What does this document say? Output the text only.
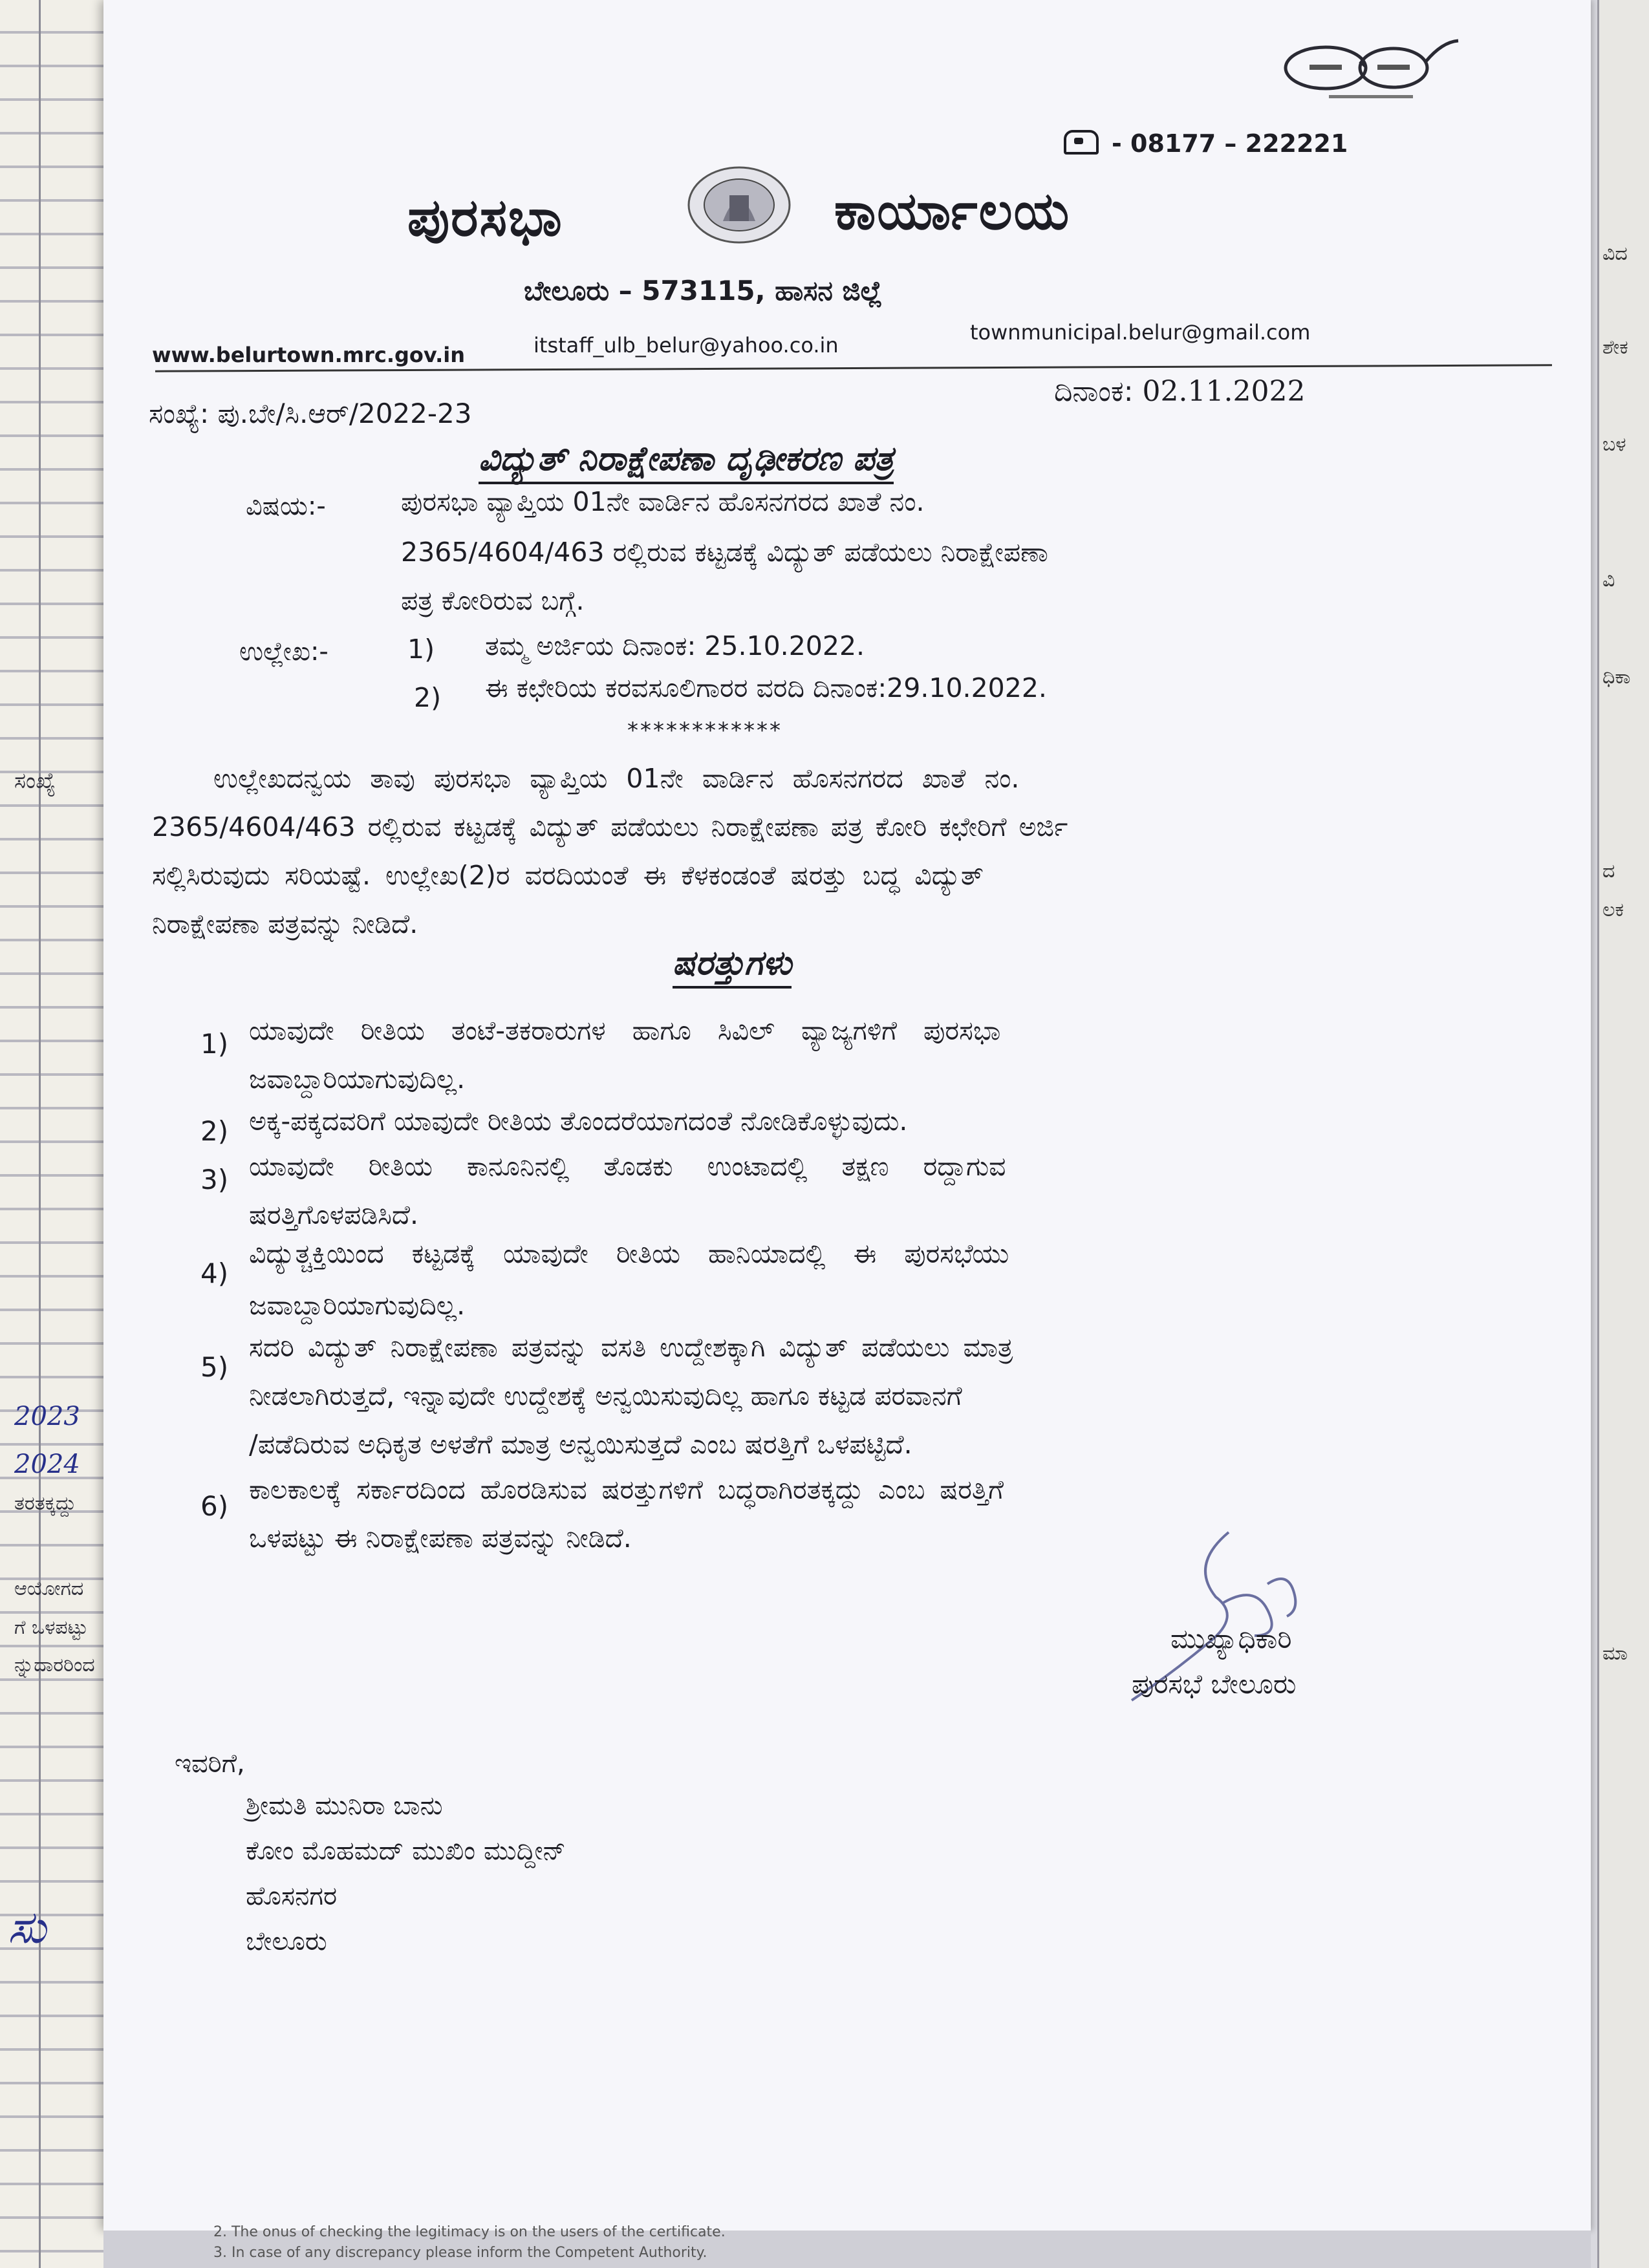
ಸಂಖ್ಯೆ
2023
2024
ತರತಕ್ಕದ್ದು
ಆಯೋಗದ
ಗೆ ಒಳಪಟ್ಟು
ನ್ನುದಾರರಿಂದ
ಸು
ವಿದ
ಶೇಕ
ಬಳ
ವಿ
ಧಿಕಾ
ದ
ಲಕ
ಮಾ
- 08177 – 222221
ಪುರಸಭಾ	ಕಾರ್ಯಾಲಯ
ಬೇಲೂರು – 573115, ಹಾಸನ ಜಿಲ್ಲೆ
www.belurtown.mrc.gov.in	itstaff_ulb_belur@yahoo.co.in
townmunicipal.belur@gmail.com
ಸಂಖ್ಯೆ: ಪು.ಬೇ/ಸಿ.ಆರ್/2022-23
ದಿನಾಂಕ: 02.11.2022
ವಿದ್ಯುತ್ ನಿರಾಕ್ಷೇಪಣಾ ದೃಢೀಕರಣ ಪತ್ರ
ವಿಷಯ:-	ಪುರಸಭಾ ವ್ಯಾಪ್ತಿಯ 01ನೇ ವಾರ್ಡಿನ ಹೊಸನಗರದ ಖಾತೆ ನಂ.
2365/4604/463 ರಲ್ಲಿರುವ ಕಟ್ಟಡಕ್ಕೆ ವಿದ್ಯುತ್ ಪಡೆಯಲು ನಿರಾಕ್ಷೇಪಣಾ
ಪತ್ರ ಕೋರಿರುವ ಬಗ್ಗೆ.
ಉಲ್ಲೇಖ:-	1) ತಮ್ಮ ಅರ್ಜಿಯ ದಿನಾಂಕ: 25.10.2022.
2) ಈ ಕಛೇರಿಯ ಕರವಸೂಲಿಗಾರರ ವರದಿ ದಿನಾಂಕ:29.10.2022.
************
ಉಲ್ಲೇಖದನ್ವಯ ತಾವು ಪುರಸಭಾ ವ್ಯಾಪ್ತಿಯ 01ನೇ ವಾರ್ಡಿನ ಹೊಸನಗರದ ಖಾತೆ ನಂ.
2365/4604/463 ರಲ್ಲಿರುವ ಕಟ್ಟಡಕ್ಕೆ ವಿದ್ಯುತ್ ಪಡೆಯಲು ನಿರಾಕ್ಷೇಪಣಾ ಪತ್ರ ಕೋರಿ ಕಛೇರಿಗೆ ಅರ್ಜಿ
ಸಲ್ಲಿಸಿರುವುದು ಸರಿಯಷ್ಟೆ. ಉಲ್ಲೇಖ(2)ರ ವರದಿಯಂತೆ ಈ ಕೆಳಕಂಡಂತೆ ಷರತ್ತು ಬದ್ಧ ವಿದ್ಯುತ್
ನಿರಾಕ್ಷೇಪಣಾ ಪತ್ರವನ್ನು ನೀಡಿದೆ.
ಷರತ್ತುಗಳು
1) ಯಾವುದೇ ರೀತಿಯ ತಂಟೆ-ತಕರಾರುಗಳ ಹಾಗೂ ಸಿವಿಲ್ ವ್ಯಾಜ್ಯಗಳಿಗೆ ಪುರಸಭಾ
ಜವಾಬ್ದಾರಿಯಾಗುವುದಿಲ್ಲ.
2) ಅಕ್ಕ-ಪಕ್ಕದವರಿಗೆ ಯಾವುದೇ ರೀತಿಯ ತೊಂದರೆಯಾಗದಂತೆ ನೋಡಿಕೊಳ್ಳುವುದು.
3) ಯಾವುದೇ ರೀತಿಯ ಕಾನೂನಿನಲ್ಲಿ ತೊಡಕು ಉಂಟಾದಲ್ಲಿ ತಕ್ಷಣ ರದ್ದಾಗುವ
ಷರತ್ತಿಗೊಳಪಡಿಸಿದೆ.
4)
ವಿದ್ಯುತ್ಚಕ್ತಿಯಿಂದ ಕಟ್ಟಡಕ್ಕೆ ಯಾವುದೇ ರೀತಿಯ ಹಾನಿಯಾದಲ್ಲಿ ಈ ಪುರಸಭೆಯು
ಜವಾಬ್ದಾರಿಯಾಗುವುದಿಲ್ಲ.
5)
ಸದರಿ ವಿದ್ಯುತ್ ನಿರಾಕ್ಷೇಪಣಾ ಪತ್ರವನ್ನು ವಸತಿ ಉದ್ದೇಶಕ್ಕಾಗಿ ವಿದ್ಯುತ್ ಪಡೆಯಲು ಮಾತ್ರ
ನೀಡಲಾಗಿರುತ್ತದೆ, ಇನ್ನಾವುದೇ ಉದ್ದೇಶಕ್ಕೆ ಅನ್ವಯಿಸುವುದಿಲ್ಲ ಹಾಗೂ ಕಟ್ಟಡ ಪರವಾನಗೆ
/ಪಡೆದಿರುವ ಅಧಿಕೃತ ಅಳತೆಗೆ ಮಾತ್ರ ಅನ್ವಯಿಸುತ್ತದೆ ಎಂಬ ಷರತ್ತಿಗೆ ಒಳಪಟ್ಟಿದೆ.
6)
ಕಾಲಕಾಲಕ್ಕೆ ಸರ್ಕಾರದಿಂದ ಹೊರಡಿಸುವ ಷರತ್ತುಗಳಿಗೆ ಬದ್ಧರಾಗಿರತಕ್ಕದ್ದು ಎಂಬ ಷರತ್ತಿಗೆ
ಒಳಪಟ್ಟು ಈ ನಿರಾಕ್ಷೇಪಣಾ ಪತ್ರವನ್ನು ನೀಡಿದೆ.
ಮುಖ್ಯಾಧಿಕಾರಿ
ಪುರಸಭೆ ಬೇಲೂರು
ಇವರಿಗೆ,
ಶ್ರೀಮತಿ ಮುನಿರಾ ಬಾನು
ಕೋಂ ಮೊಹಮದ್ ಮುಖಿಂ ಮುದ್ದೀನ್
ಹೊಸನಗರ
ಬೇಲೂರು
2. The onus of checking the legitimacy is on the users of the certificate.
3. In case of any discrepancy please inform the Competent Authority.
